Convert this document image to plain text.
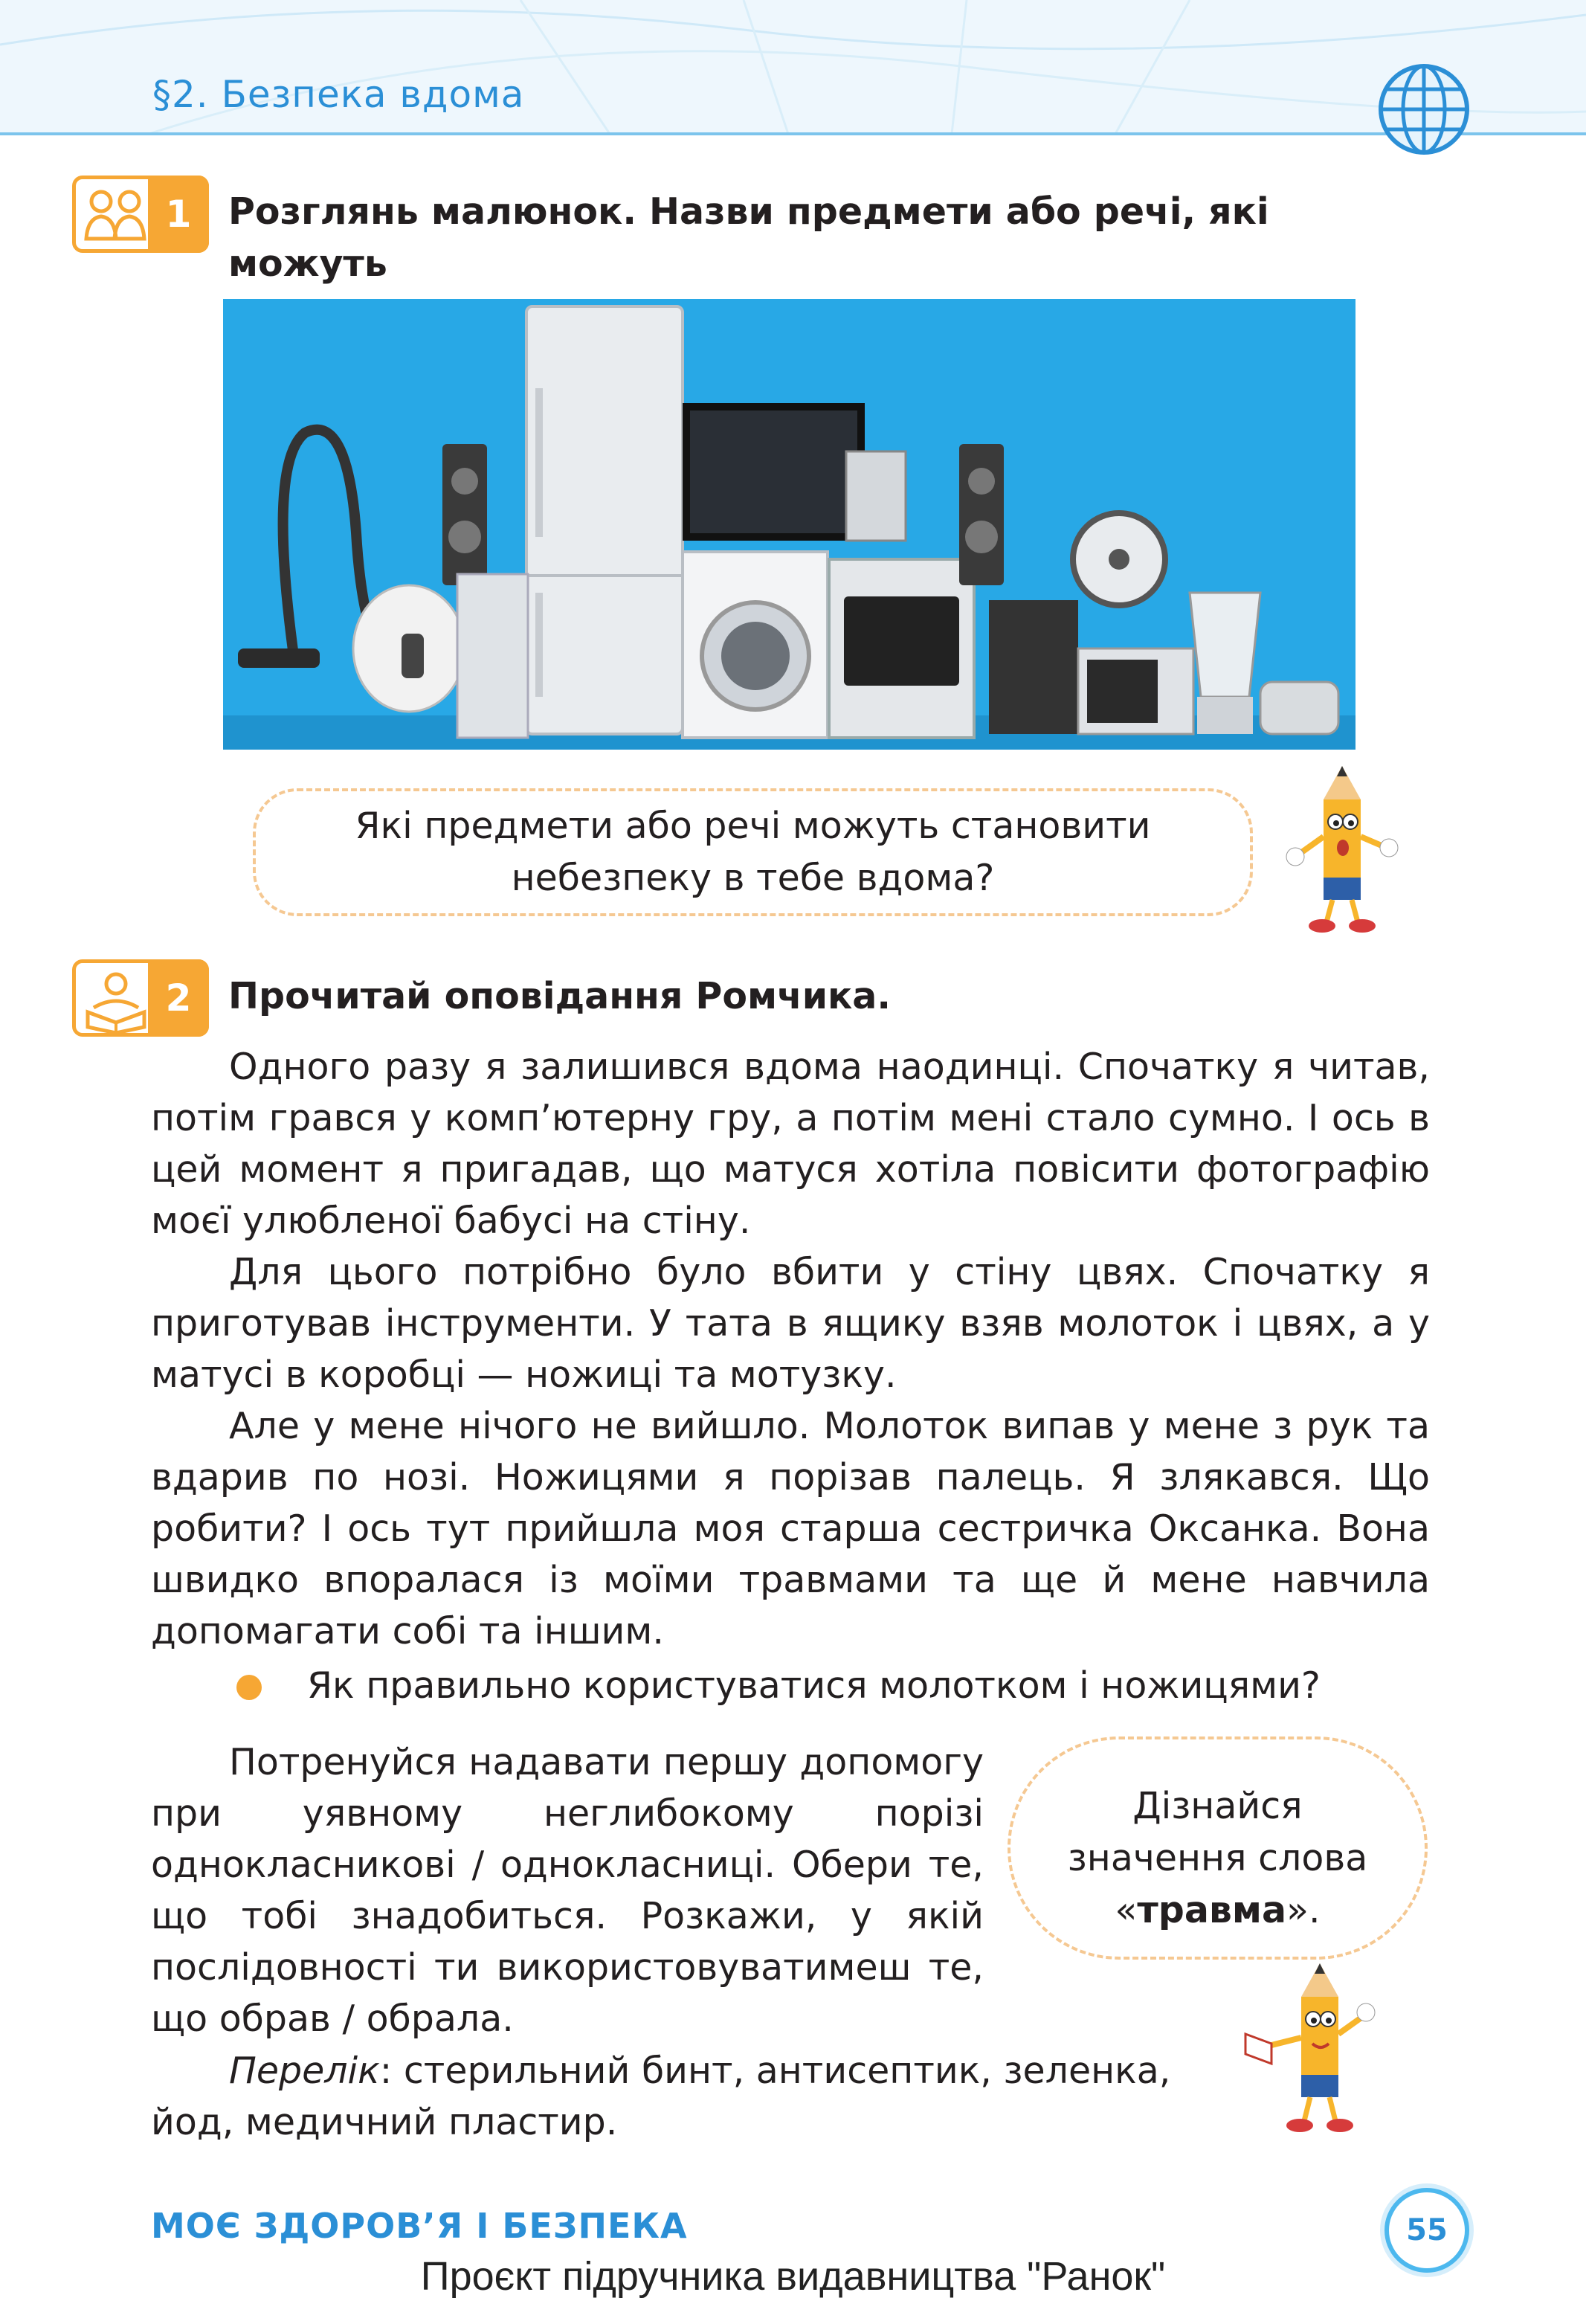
§2. Безпека вдома
1	Розглянь малюнок. Назви предмети або речі, які можуть
Які предмети або речі можуть становити
небезпеку в тебе вдома?
2	Прочитай оповідання Ромчика.

Одного разу я залишився вдома наодинці. Спочатку я читав, потім грався у комп’ютерну гру, а потім мені стало сумно. І ось в цей момент я пригадав, що матуся хотіла повісити фотографію моєї улюбленої бабусі на стіну.

Для цього потрібно було вбити у стіну цвях. Спочатку я приготував інструменти. У тата в ящику взяв молоток і цвях, а у матусі в коробці — ножиці та мотузку.

Але у мене нічого не вийшло. Молоток випав у мене з рук та вдарив по нозі. Ножицями я порізав палець. Я злякався. Що робити? І ось тут прийшла моя старша сестричка Оксанка. Вона швидко впоралася із моїми травмами та ще й мене навчила допомагати собі та іншим.

Як правильно користуватися молотком і ножицями?

Потренуйся надавати першу допомогу при уявному неглибокому порізі однокласникові / однокласниці. Обери те, що тобі знадобиться. Розкажи, у якій послідовності ти використовуватимеш те, що обрав / обрала.

Перелік: стерильний бинт, антисептик, зеленка, йод, медичний пластир.

Дізнайся
значення слова
«травма».
МОЄ ЗДОРОВ’Я І БЕЗПЕКА	55
Проєкт підручника видавництва "Ранок"
